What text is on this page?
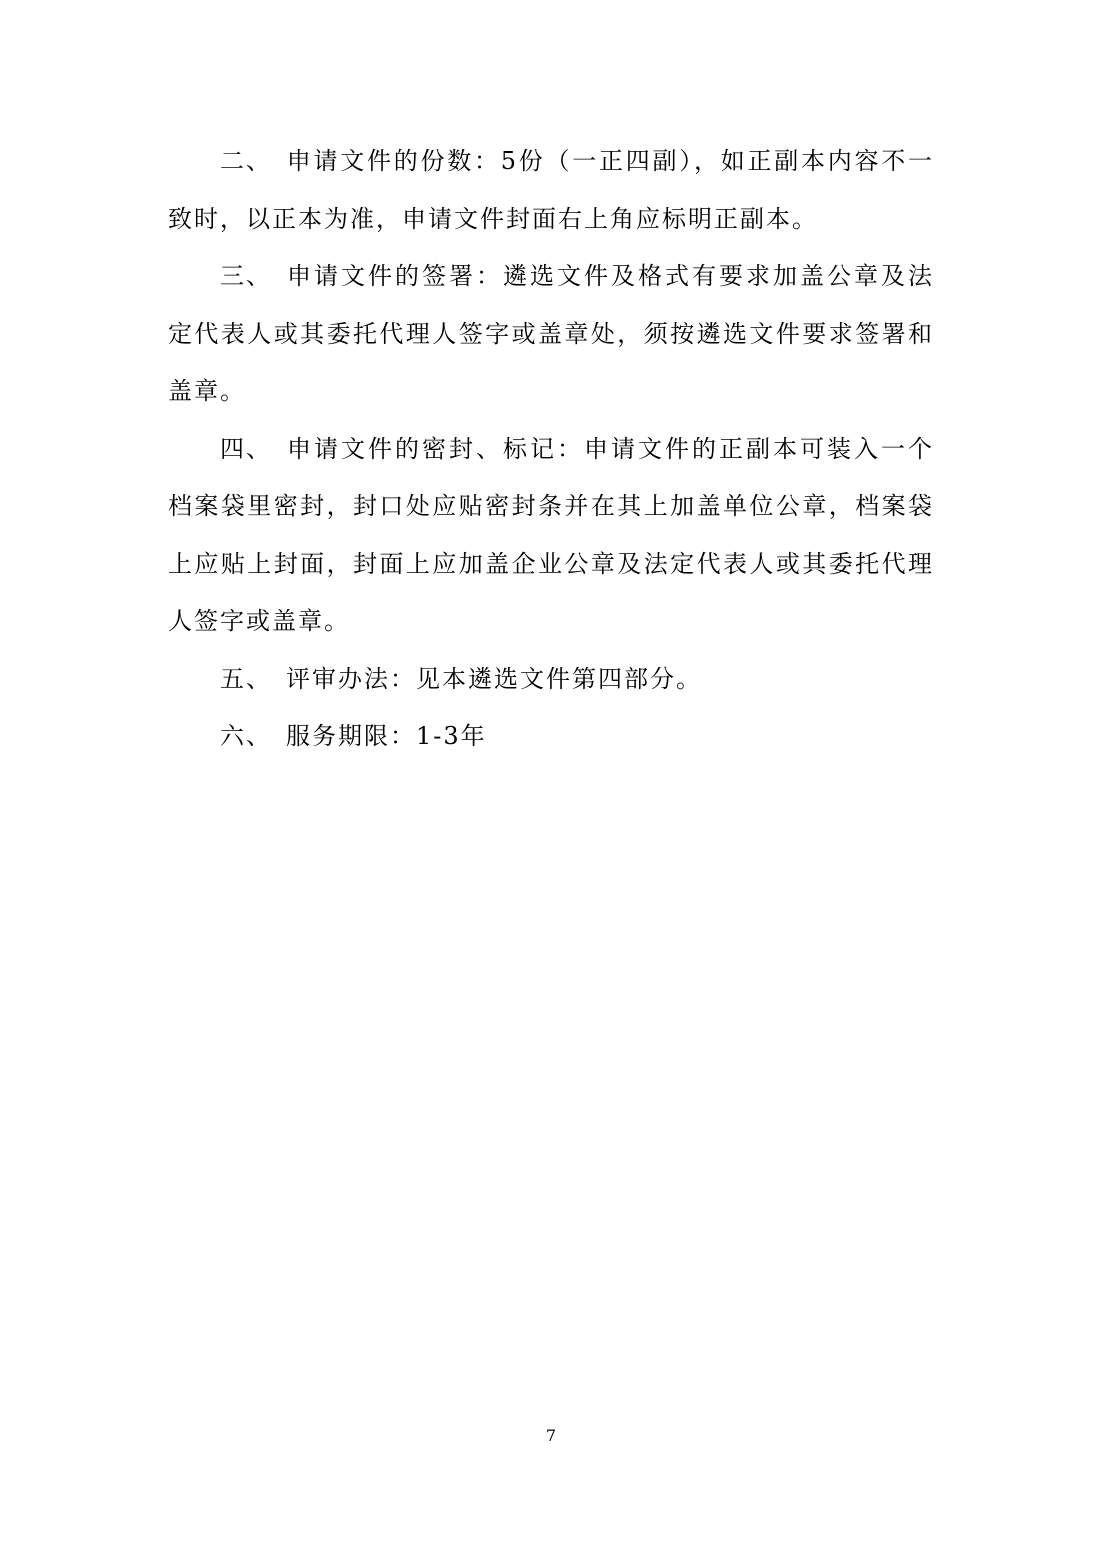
二、 申请文件的份数：5份（一正四副），如正副本内容不一致时，以正本为准，申请文件封面右上角应标明正副本。

三、 申请文件的签署：遴选文件及格式有要求加盖公章及法定代表人或其委托代理人签字或盖章处，须按遴选文件要求签署和盖章。

四、 申请文件的密封、标记：申请文件的正副本可装入一个档案袋里密封，封口处应贴密封条并在其上加盖单位公章，档案袋上应贴上封面，封面上应加盖企业公章及法定代表人或其委托代理人签字或盖章。

五、 评审办法：见本遴选文件第四部分。

六、 服务期限：1-3年

7
